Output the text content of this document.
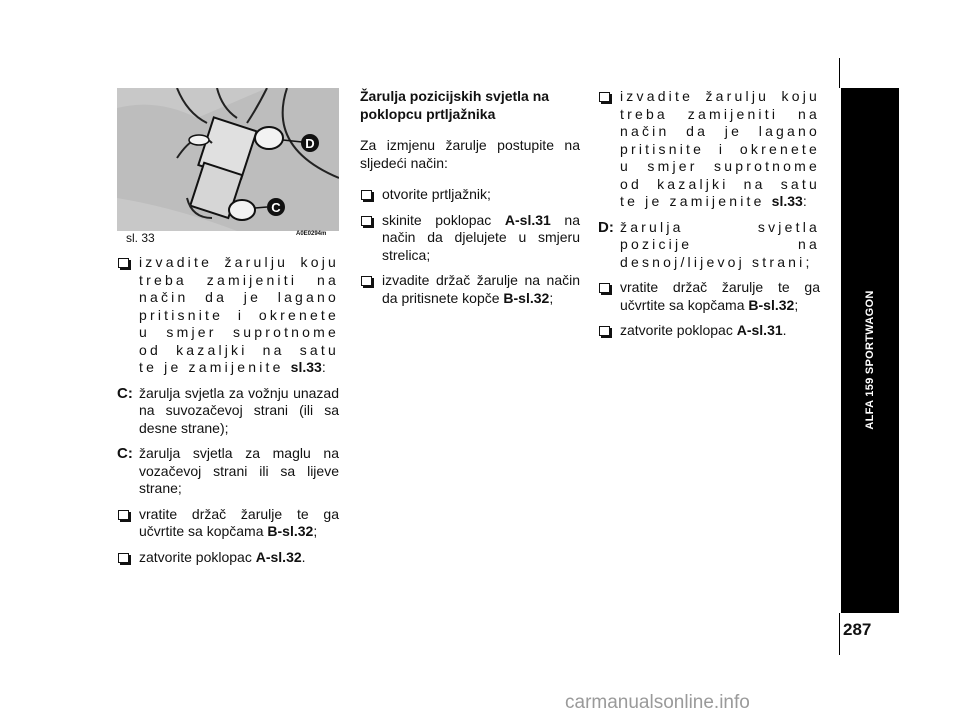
D
C
sl. 33	A0E0294m
izvadite žarulju koju treba zamijeniti na način da je lagano pritisnite i okrenete u smjer suprotnome od kazaljki na satu te je zamijenite sl.33:
C: žarulja svjetla za vožnju unazad na suvozačevoj strani (ili sa desne strane);
C: žarulja svjetla za maglu na vozačevoj strani ili sa lijeve strane;
vratite držač žarulje te ga učvrtite sa kopčama B-sl.32;
zatvorite poklopac A-sl.32.
Žarulja pozicijskih svjetla na poklopcu prtljažnika
Za izmjenu žarulje postupite na sljedeći način:
otvorite prtljažnik;
skinite poklopac A-sl.31 na način da djelujete u smjeru strelica;
izvadite držač žarulje na način da pritisnete kopče B-sl.32;
izvadite žarulju koju treba zamijeniti na način da je lagano pritisnite i okrenete u smjer suprotnome od kazaljki na satu te je zamijenite sl.33:
D: žarulja svjetla pozicije na desnoj/lijevoj strani;
vratite držač žarulje te ga učvrtite sa kopčama B-sl.32;
zatvorite poklopac A-sl.31.	ALFA 159 SPORTWAGON
287
carmanualsonline.info
